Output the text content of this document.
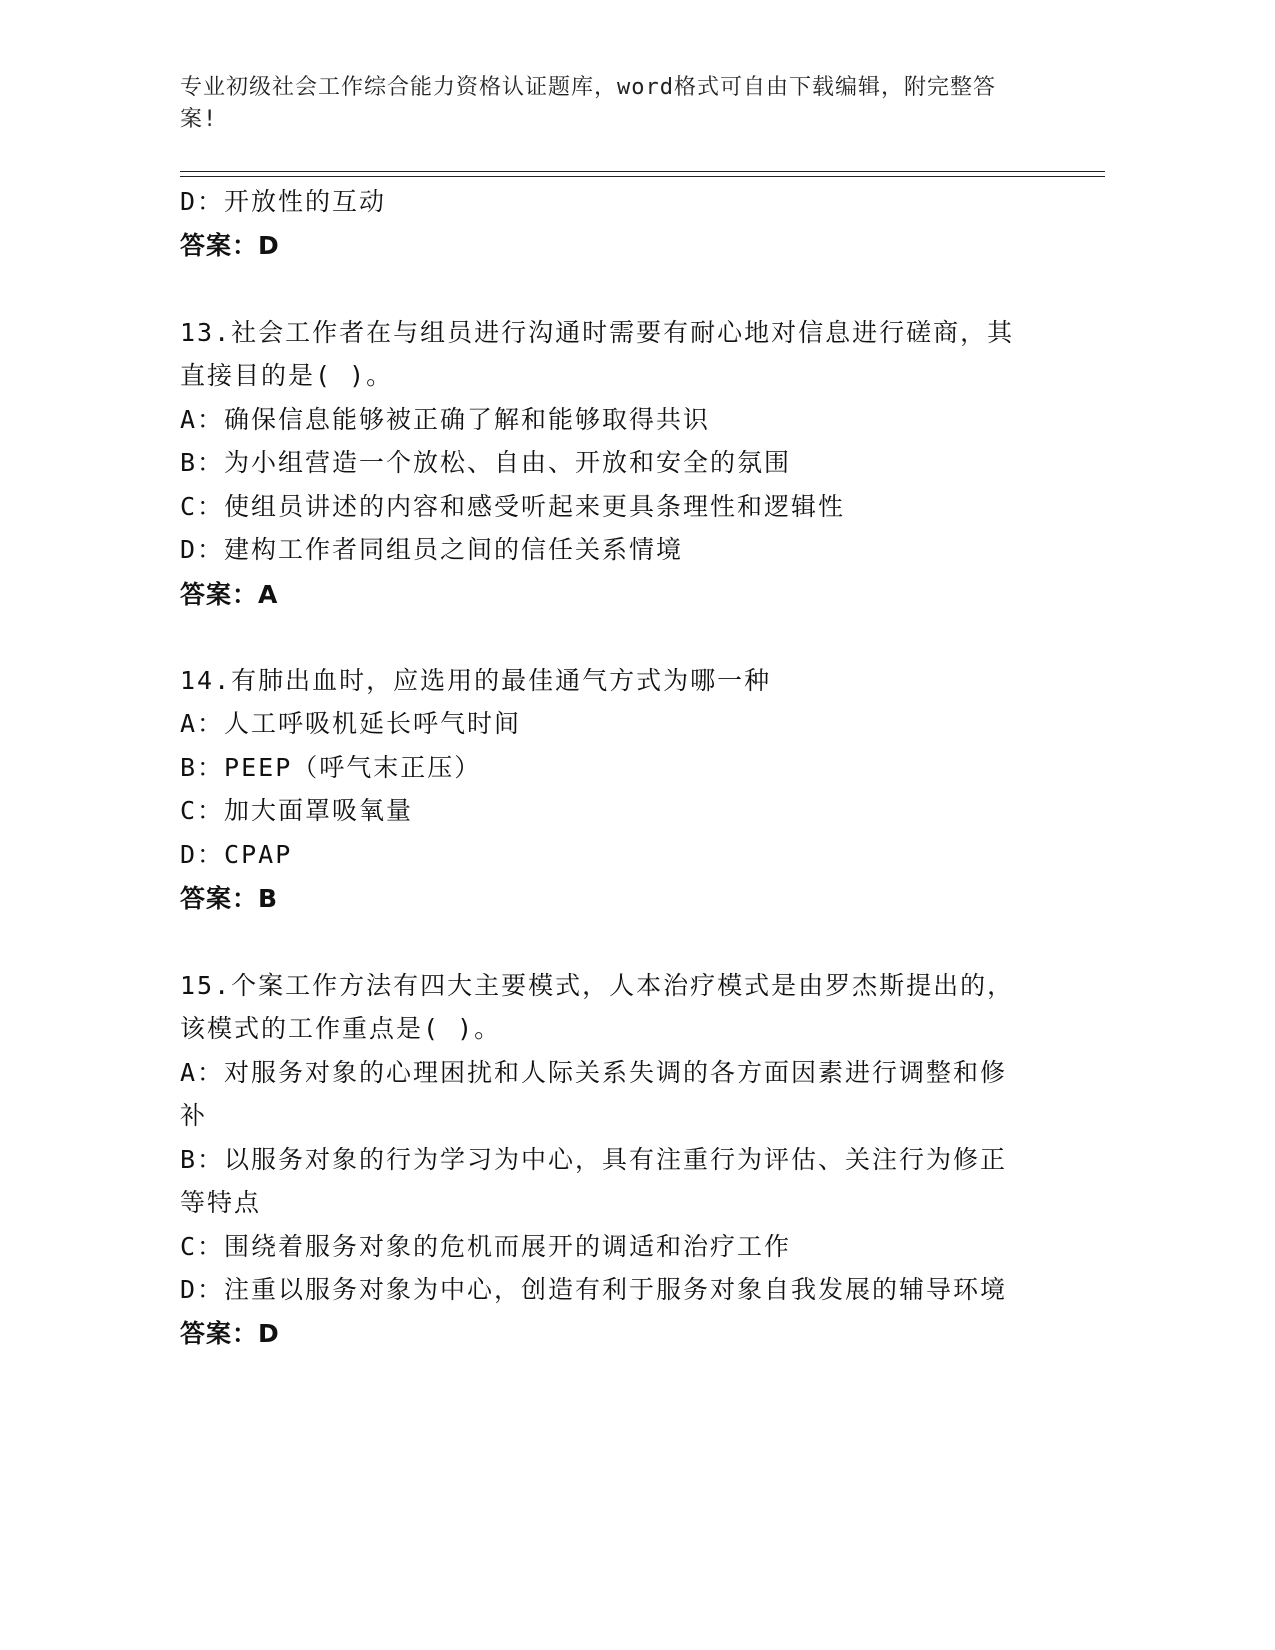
专业初级社会工作综合能力资格认证题库，word格式可自由下载编辑，附完整答
案!
D：开放性的互动
答案：D
13.社会工作者在与组员进行沟通时需要有耐心地对信息进行磋商，其
直接目的是( )。
A：确保信息能够被正确了解和能够取得共识
B：为小组营造一个放松、自由、开放和安全的氛围
C：使组员讲述的内容和感受听起来更具条理性和逻辑性
D：建构工作者同组员之间的信任关系情境
答案：A
14.有肺出血时，应选用的最佳通气方式为哪一种
A：人工呼吸机延长呼气时间
B：PEEP（呼气末正压）
C：加大面罩吸氧量
D：CPAP
答案：B
15.个案工作方法有四大主要模式，人本治疗模式是由罗杰斯提出的，
该模式的工作重点是( )。
A：对服务对象的心理困扰和人际关系失调的各方面因素进行调整和修
补
B：以服务对象的行为学习为中心，具有注重行为评估、关注行为修正
等特点
C：围绕着服务对象的危机而展开的调适和治疗工作
D：注重以服务对象为中心，创造有利于服务对象自我发展的辅导环境
答案：D
